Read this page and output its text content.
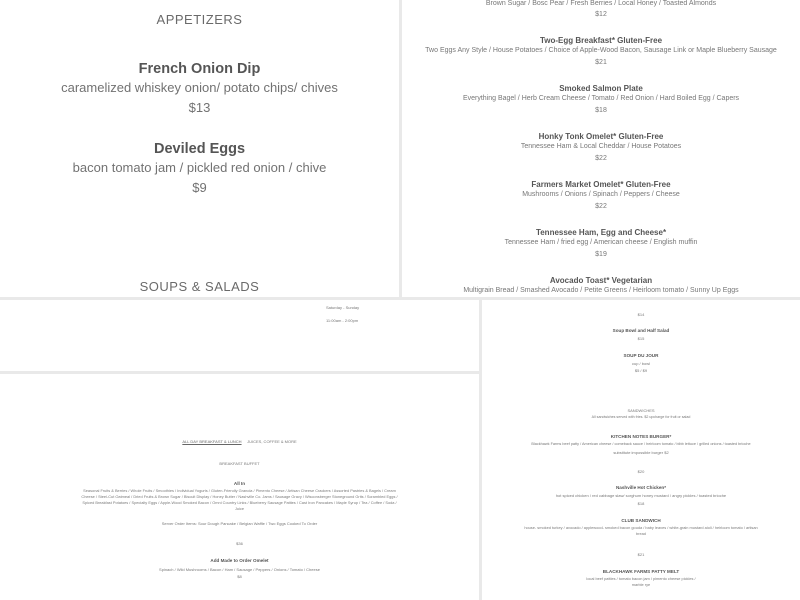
APPETIZERS
French Onion Dip
caramelized whiskey onion/ potato chips/ chives
$13
Deviled Eggs
bacon tomato jam / pickled red onion / chive
$9
SOUPS & SALADS
Brown Sugar / Bosc Pear / Fresh Berries / Local Honey / Toasted Almonds
$12
Two-Egg Breakfast* Gluten-Free
Two Eggs Any Style / House Potatoes / Choice of Apple-Wood Bacon, Sausage Link or Maple Blueberry Sausage
$21
Smoked Salmon Plate
Everything Bagel / Herb Cream Cheese / Tomato / Red Onion / Hard Boiled Egg / Capers
$18
Honky Tonk Omelet* Gluten-Free
Tennessee Ham & Local Cheddar / House Potatoes
$22
Farmers Market Omelet* Gluten-Free
Mushrooms / Onions / Spinach / Peppers / Cheese
$22
Tennessee Ham, Egg and Cheese*
Tennessee Ham / fried egg / American cheese / English muffin
$19
Avocado Toast* Vegetarian
Multigrain Bread / Smashed Avocado / Petite Greens / Heirloom tomato / Sunny Up Eggs
Saturday - Sunday
11:00am - 2:00pm
ALL DAY BREAKFAST & LUNCH JUICES, COFFEE & MORE
BREAKFAST BUFFET
All In
Seasonal Fruits & Berries / Whole Fruits / Smoothies / Individual Yogurts / Gluten-Friendly Granola / Pimento Cheese / Artisan Cheese Crackers / Assorted Pastries & Bagels / Cream Cheese / Steel-Cut Oatmeal / Dried Fruits & Brown Sugar / Biscuit Display / Honey Butter / Nashville Co. Jams / Sausage Gravy / Wisconsberger Stoneground Grits / Scrambled Eggs / Spiced Breakfast Potatoes / Specialty Eggs / Apple-Wood Smoked Bacon / Omni Country Links / Blueberry Sausage Patties / Cast Iron Pancakes / Maple Syrup / Tea / Coffee / Soda / Juice
Server Order Items: Sour Dough Pancake / Belgian Waffle / Two Eggs Cooked To Order
$36
Add Made to Order Omelet
Spinach / Wild Mushrooms / Bacon / Ham / Sausage / Peppers / Onions / Tomato / Cheese
$8
$14
Soup Bowl and Half Salad
$15
SOUP DU JOUR
cup / bowl
$5 / $9
SANDWICHES
All sandwiches served with fries. $2 upcharge for fruit or salad
KITCHEN NOTES BURGER*
Blackhawk Farms beef patty / American cheese / comeback sauce / heirloom tomato / bibb lettuce / grilled onions / toasted brioche
substitute impossible burger $2
$20
Nashville Hot Chicken*
hot spiced chicken / red cabbage slaw/ sorghum honey mustard / angry pickles / toasted brioche
$18
CLUB SANDWICH
house- smoked turkey / avocado / applewood- smoked bacon gouda / baby leaves / white-grain mustard aioli / heirloom tomato / artisan bread
$21
BLACKHAWK FARMS PATTY MELT
local beef patties / tomato bacon jam / pimento cheese pickles / marble rye
